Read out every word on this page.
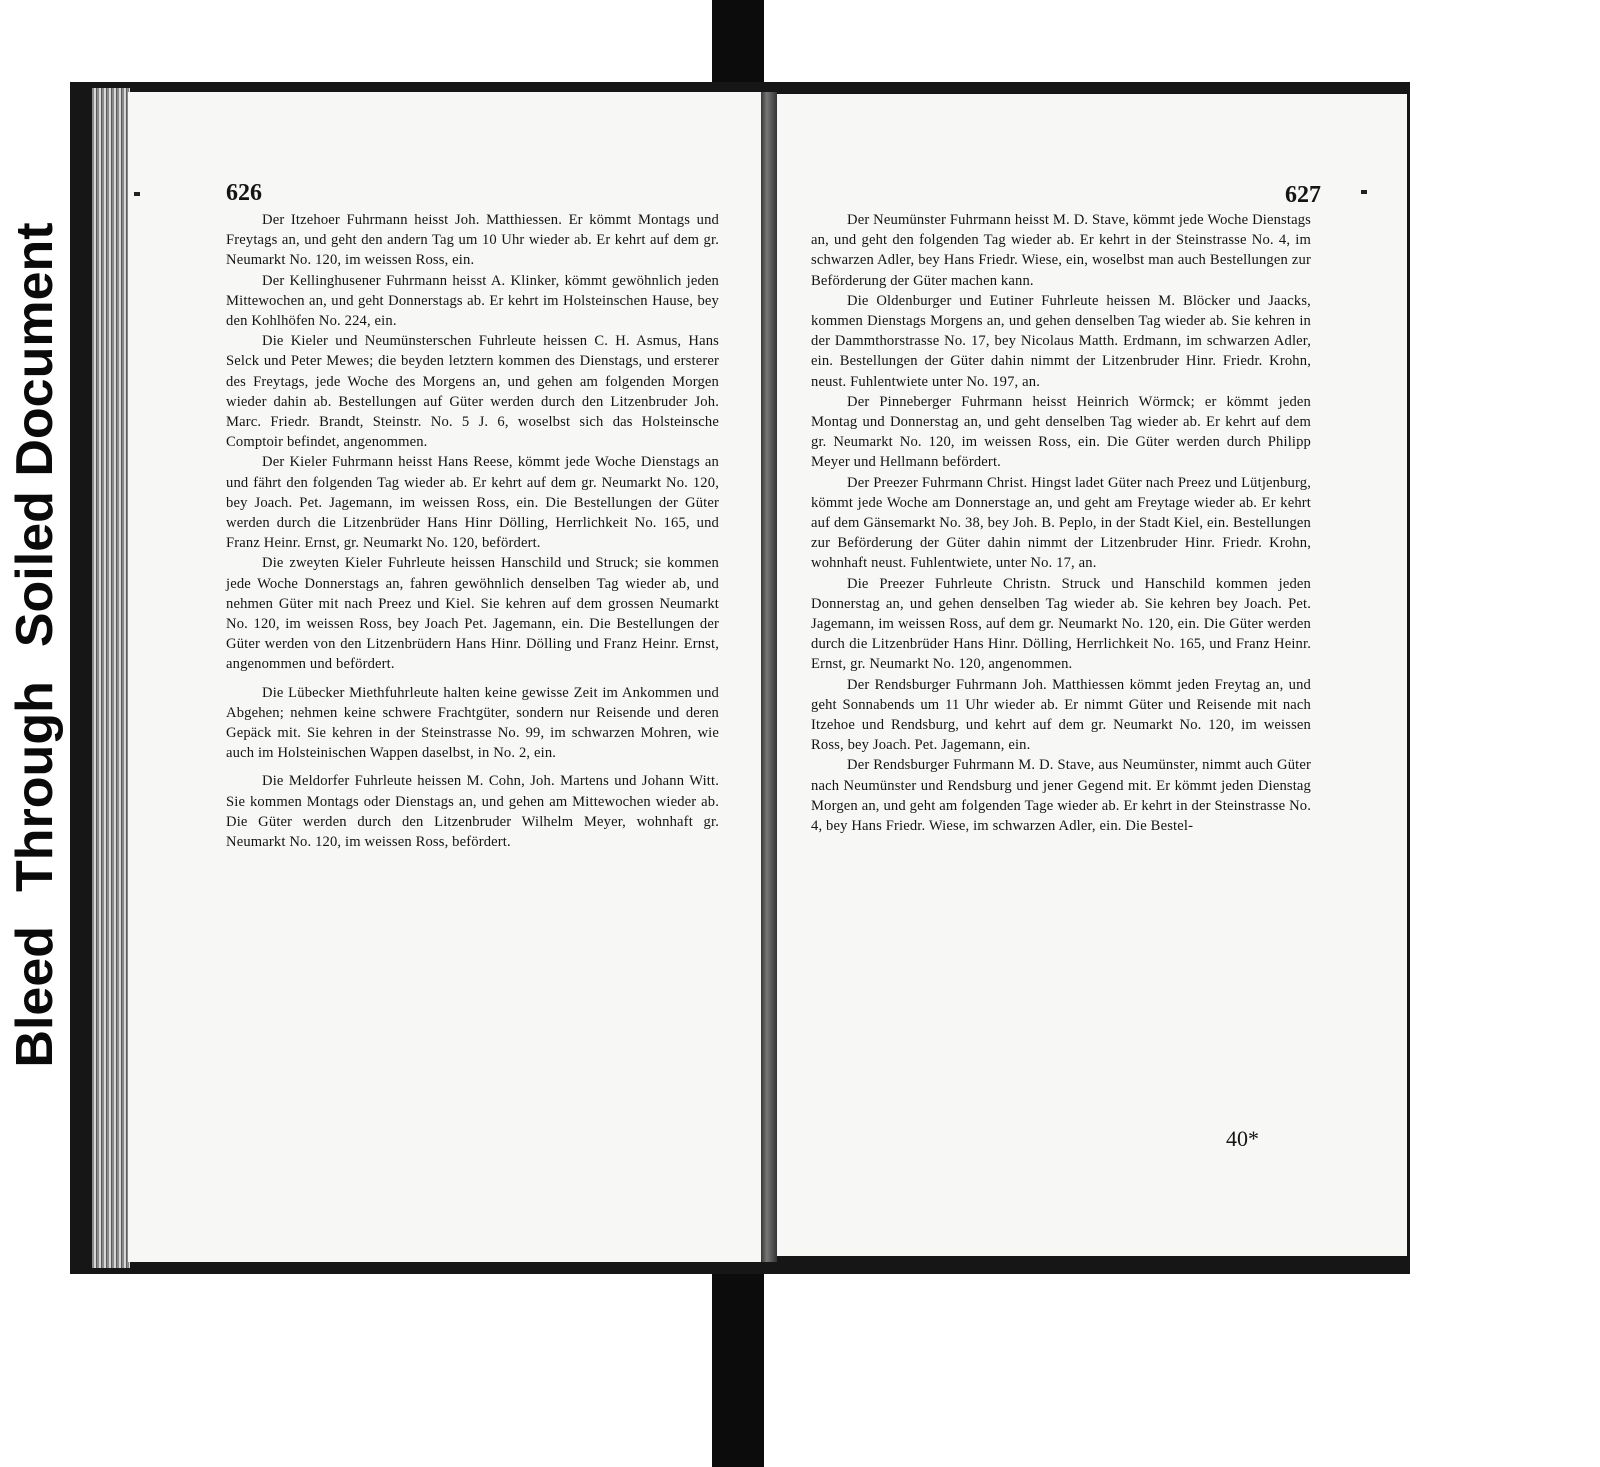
Bleed
Through
Soiled Document
626

Der Itzehoer Fuhrmann heisst Joh. Matthiessen. Er kömmt Montags und Freytags an, und geht den andern Tag um 10 Uhr wieder ab. Er kehrt auf dem gr. Neumarkt No. 120, im weissen Ross, ein.

Der Kellinghusener Fuhrmann heisst A. Klinker, kömmt gewöhnlich jeden Mittewochen an, und geht Donnerstags ab. Er kehrt im Holsteinschen Hause, bey den Kohlhöfen No. 224, ein.

Die Kieler und Neumünsterschen Fuhrleute heissen C. H. Asmus, Hans Selck und Peter Mewes; die beyden letztern kommen des Dienstags, und ersterer des Freytags, jede Woche des Morgens an, und gehen am folgenden Morgen wieder dahin ab. Bestellungen auf Güter werden durch den Litzenbruder Joh. Marc. Friedr. Brandt, Steinstr. No. 5 J. 6, woselbst sich das Holsteinsche Comptoir befindet, angenommen.

Der Kieler Fuhrmann heisst Hans Reese, kömmt jede Woche Dienstags an und fährt den folgenden Tag wieder ab. Er kehrt auf dem gr. Neumarkt No. 120, bey Joach. Pet. Jagemann, im weissen Ross, ein. Die Bestellungen der Güter werden durch die Litzenbrüder Hans Hinr Dölling, Herrlichkeit No. 165, und Franz Heinr. Ernst, gr. Neumarkt No. 120, befördert.

Die zweyten Kieler Fuhrleute heissen Hanschild und Struck; sie kommen jede Woche Donnerstags an, fahren gewöhnlich denselben Tag wieder ab, und nehmen Güter mit nach Preez und Kiel. Sie kehren auf dem grossen Neumarkt No. 120, im weissen Ross, bey Joach Pet. Jagemann, ein. Die Bestellungen der Güter werden von den Litzenbrüdern Hans Hinr. Dölling und Franz Heinr. Ernst, angenommen und befördert.

Die Lübecker Miethfuhrleute halten keine gewisse Zeit im Ankommen und Abgehen; nehmen keine schwere Frachtgüter, sondern nur Reisende und deren Gepäck mit. Sie kehren in der Steinstrasse No. 99, im schwarzen Mohren, wie auch im Holsteinischen Wappen daselbst, in No. 2, ein.

Die Meldorfer Fuhrleute heissen M. Cohn, Joh. Martens und Johann Witt. Sie kommen Montags oder Dienstags an, und gehen am Mittewochen wieder ab. Die Güter werden durch den Litzenbruder Wilhelm Meyer, wohnhaft gr. Neumarkt No. 120, im weissen Ross, befördert.

627

Der Neumünster Fuhrmann heisst M. D. Stave, kömmt jede Woche Dienstags an, und geht den folgenden Tag wieder ab. Er kehrt in der Steinstrasse No. 4, im schwarzen Adler, bey Hans Friedr. Wiese, ein, woselbst man auch Bestellungen zur Beförderung der Güter machen kann.

Die Oldenburger und Eutiner Fuhrleute heissen M. Blöcker und Jaacks, kommen Dienstags Morgens an, und gehen denselben Tag wieder ab. Sie kehren in der Dammthorstrasse No. 17, bey Nicolaus Matth. Erdmann, im schwarzen Adler, ein. Bestellungen der Güter dahin nimmt der Litzenbruder Hinr. Friedr. Krohn, neust. Fuhlentwiete unter No. 197, an.

Der Pinneberger Fuhrmann heisst Heinrich Wörmck; er kömmt jeden Montag und Donnerstag an, und geht denselben Tag wieder ab. Er kehrt auf dem gr. Neumarkt No. 120, im weissen Ross, ein. Die Güter werden durch Philipp Meyer und Hellmann befördert.

Der Preezer Fuhrmann Christ. Hingst ladet Güter nach Preez und Lütjenburg, kömmt jede Woche am Donnerstage an, und geht am Freytage wieder ab. Er kehrt auf dem Gänsemarkt No. 38, bey Joh. B. Peplo, in der Stadt Kiel, ein. Bestellungen zur Beförderung der Güter dahin nimmt der Litzenbruder Hinr. Friedr. Krohn, wohnhaft neust. Fuhlentwiete, unter No. 17, an.

Die Preezer Fuhrleute Christn. Struck und Hanschild kommen jeden Donnerstag an, und gehen denselben Tag wieder ab. Sie kehren bey Joach. Pet. Jagemann, im weissen Ross, auf dem gr. Neumarkt No. 120, ein. Die Güter werden durch die Litzenbrüder Hans Hinr. Dölling, Herrlichkeit No. 165, und Franz Heinr. Ernst, gr. Neumarkt No. 120, angenommen.

Der Rendsburger Fuhrmann Joh. Matthiessen kömmt jeden Freytag an, und geht Sonnabends um 11 Uhr wieder ab. Er nimmt Güter und Reisende mit nach Itzehoe und Rendsburg, und kehrt auf dem gr. Neumarkt No. 120, im weissen Ross, bey Joach. Pet. Jagemann, ein.

Der Rendsburger Fuhrmann M. D. Stave, aus Neumünster, nimmt auch Güter nach Neumünster und Rendsburg und jener Gegend mit. Er kömmt jeden Dienstag Morgen an, und geht am folgenden Tage wieder ab. Er kehrt in der Steinstrasse No. 4, bey Hans Friedr. Wiese, im schwarzen Adler, ein. Die Bestel-

40*
